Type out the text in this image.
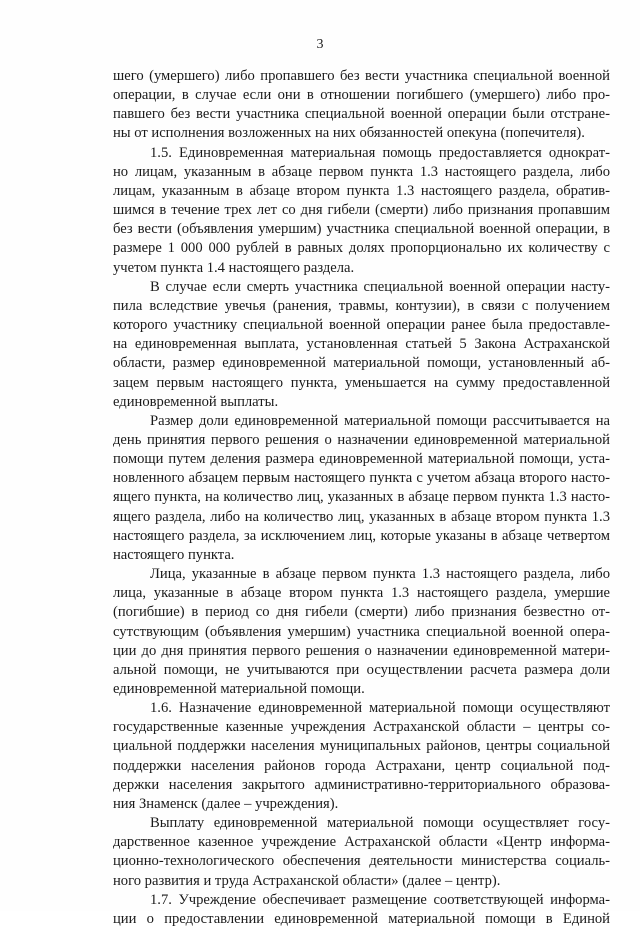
3
шего (умершего) либо пропавшего без вести участника специальной военной
операции, в случае если они в отношении погибшего (умершего) либо про-
павшего без вести участника специальной военной операции были отстране-
ны от исполнения возложенных на них обязанностей опекуна (попечителя).
1.5. Единовременная материальная помощь предоставляется однократ-
но лицам, указанным в абзаце первом пункта 1.3 настоящего раздела, либо
лицам, указанным в абзаце втором пункта 1.3 настоящего раздела, обратив-
шимся в течение трех лет со дня гибели (смерти) либо признания пропавшим
без вести (объявления умершим) участника специальной военной операции, в
размере 1 000 000 рублей в равных долях пропорционально их количеству с
учетом пункта 1.4 настоящего раздела.
В случае если смерть участника специальной военной операции насту-
пила вследствие увечья (ранения, травмы, контузии), в связи с получением
которого участнику специальной военной операции ранее была предоставле-
на единовременная выплата, установленная статьей 5 Закона Астраханской
области, размер единовременной материальной помощи, установленный аб-
зацем первым настоящего пункта, уменьшается на сумму предоставленной
единовременной выплаты.
Размер доли единовременной материальной помощи рассчитывается на
день принятия первого решения о назначении единовременной материальной
помощи путем деления размера единовременной материальной помощи, уста-
новленного абзацем первым настоящего пункта с учетом абзаца второго насто-
ящего пункта, на количество лиц, указанных в абзаце первом пункта 1.3 насто-
ящего раздела, либо на количество лиц, указанных в абзаце втором пункта 1.3
настоящего раздела, за исключением лиц, которые указаны в абзаце четвертом
настоящего пункта.
Лица, указанные в абзаце первом пункта 1.3 настоящего раздела, либо
лица, указанные в абзаце втором пункта 1.3 настоящего раздела, умершие
(погибшие) в период со дня гибели (смерти) либо признания безвестно от-
сутствующим (объявления умершим) участника специальной военной опера-
ции до дня принятия первого решения о назначении единовременной матери-
альной помощи, не учитываются при осуществлении расчета размера доли
единовременной материальной помощи.
1.6. Назначение единовременной материальной помощи осуществляют
государственные казенные учреждения Астраханской области – центры со-
циальной поддержки населения муниципальных районов, центры социальной
поддержки населения районов города Астрахани, центр социальной под-
держки населения закрытого административно-территориального образова-
ния Знаменск (далее – учреждения).
Выплату единовременной материальной помощи осуществляет госу-
дарственное казенное учреждение Астраханской области «Центр информа-
ционно-технологического обеспечения деятельности министерства социаль-
ного развития и труда Астраханской области» (далее – центр).
1.7. Учреждение обеспечивает размещение соответствующей информа-
ции о предоставлении единовременной материальной помощи в Единой
